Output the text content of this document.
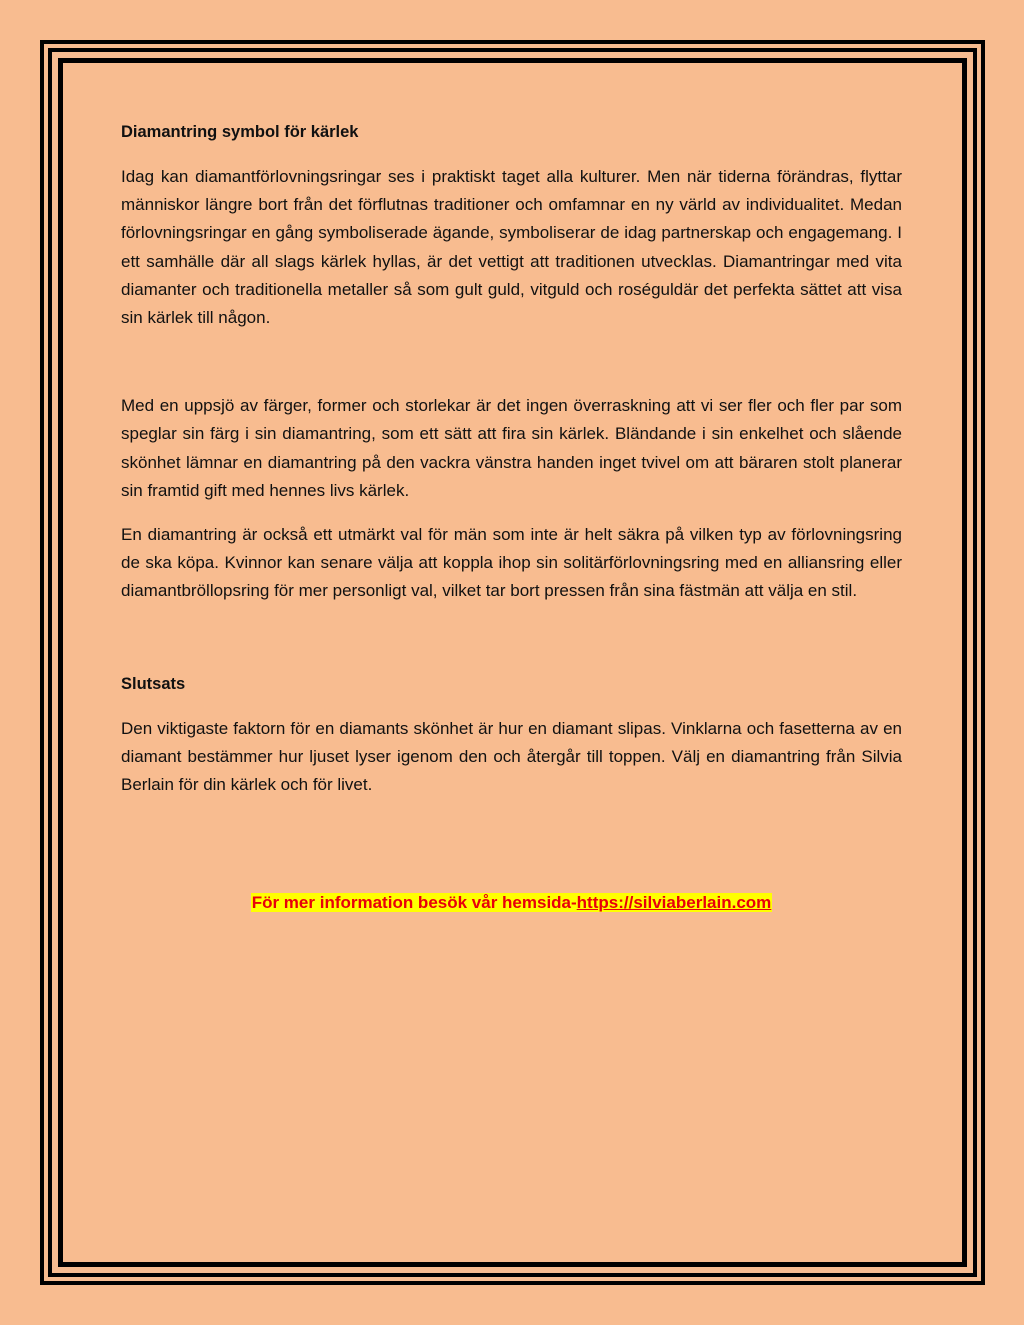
Diamantring symbol för kärlek

Idag kan diamantförlovningsringar ses i praktiskt taget alla kulturer. Men när tiderna förändras, flyttar människor längre bort från det förflutnas traditioner och omfamnar en ny värld av individualitet. Medan förlovningsringar en gång symboliserade ägande, symboliserar de idag partnerskap och engagemang. I ett samhälle där all slags kärlek hyllas, är det vettigt att traditionen utvecklas. Diamantringar med vita diamanter och traditionella metaller så som gult guld, vitguld och roséguldär det perfekta sättet att visa sin kärlek till någon.

Med en uppsjö av färger, former och storlekar är det ingen överraskning att vi ser fler och fler par som speglar sin färg i sin diamantring, som ett sätt att fira sin kärlek. Bländande i sin enkelhet och slående skönhet lämnar en diamantring på den vackra vänstra handen inget tvivel om att bäraren stolt planerar sin framtid gift med hennes livs kärlek.

En diamantring är också ett utmärkt val för män som inte är helt säkra på vilken typ av förlovningsring de ska köpa. Kvinnor kan senare välja att koppla ihop sin solitärförlovningsring med en alliansring eller diamantbröllopsring för mer personligt val, vilket tar bort pressen från sina fästmän att välja en stil.

Slutsats

Den viktigaste faktorn för en diamants skönhet är hur en diamant slipas. Vinklarna och fasetterna av en diamant bestämmer hur ljuset lyser igenom den och återgår till toppen. Välj en diamantring från Silvia Berlain för din kärlek och för livet.

För mer information besök vår hemsida-https://silviaberlain.com
